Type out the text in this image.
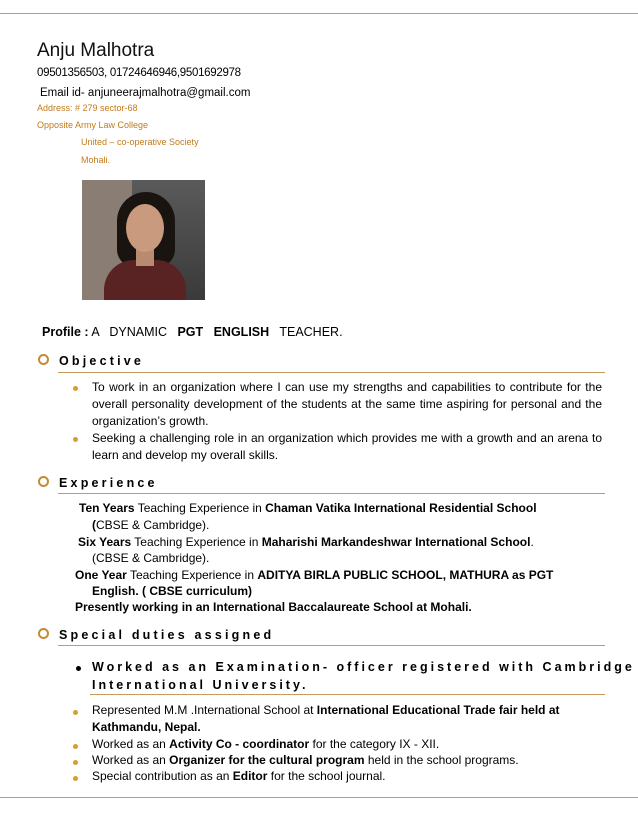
Anju Malhotra
09501356503, 01724646946,9501692978
Email id- anjuneerajmalhotra@gmail.com
Address: # 279 sector-68
Opposite Army Law College
United – co-operative Society
Mohali.
Profile : A   DYNAMIC   PGT ENGLISH   TEACHER.
Objective
To work in an organization where I can use my strengths and capabilities to contribute for the overall personality development of the students at the same time aspiring for personal and the organization’s growth.
Seeking a challenging role in an organization which provides me with a growth and an arena to learn and develop my overall skills.
Experience
Ten Years Teaching Experience in Chaman Vatika International Residential School
(CBSE & Cambridge).
Six Years Teaching Experience in Maharishi Markandeshwar International School.
(CBSE & Cambridge).
One Year Teaching Experience in ADITYA BIRLA PUBLIC SCHOOL, MATHURA as PGT
English. ( CBSE curriculum)
Presently working in an International Baccalaureate School at Mohali.
Special duties assigned
Worked as an Examination- officer registered with Cambridge
International University.
Represented M.M .International School at International Educational Trade fair held at
Kathmandu, Nepal.
Worked as an Activity Co - coordinator for the category IX - XII.
Worked as an Organizer for the cultural program held in the school programs.
Special contribution as an Editor for the school journal.
